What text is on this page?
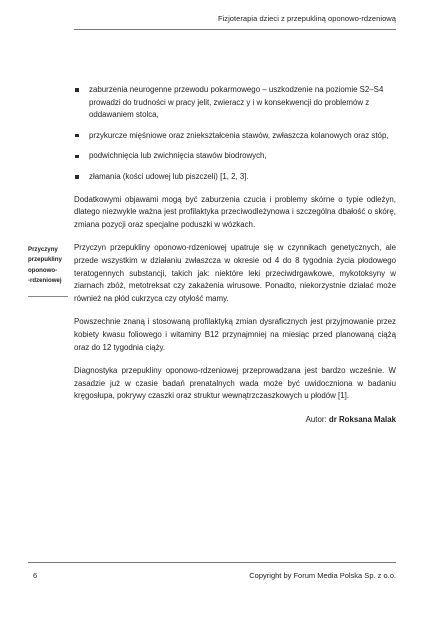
Fizjoterapia dzieci z przepukliną oponowo-rdzeniową
Przyczyny
przepukliny
oponowo-
-rdzeniowej
zaburzenia neurogenne przewodu pokarmowego – uszkodzenie na poziomie S2–S4 prowadzi do trudności w pracy jelit, zwieracz y i w konsekwencji do problemów z oddawaniem stolca,
przykurcze mięśniowe oraz zniekształcenia stawów, zwłaszcza kolanowych oraz stóp,
podwichnięcia lub zwichnięcia stawów biodrowych,
złamania (kości udowej lub piszczeli) [1, 2, 3].

Dodatkowymi objawami mogą być zaburzenia czucia i problemy skórne o typie odleżyn, dlatego niezwykle ważna jest profilaktyka przeciwodleżynowa i szczególna dbałość o skórę, zmiana pozycji oraz specjalne poduszki w wózkach.

Przyczyn przepukliny oponowo-rdzeniowej upatruje się w czynnikach genetycznych, ale przede wszystkim w działaniu zwłaszcza w okresie od 4 do 8 tygodnia życia płodowego teratogennych substancji, takich jak: niektóre leki przeciwdrgawkowe, mykotoksyny w ziarnach zbóż, metotreksat czy zakażenia wirusowe. Ponadto, niekorzystnie działać może również na płód cukrzyca czy otyłość mamy.

Powszechnie znaną i stosowaną profilaktyką zmian dysraficznych jest przyjmowanie przez kobiety kwasu foliowego i witaminy B12 przynajmniej na miesiąc przed planowaną ciążą oraz do 12 tygodnia ciąży.

Diagnostyka przepukliny oponowo-rdzeniowej przeprowadzana jest bardzo wcześnie. W zasadzie już w czasie badań prenatalnych wada może być uwidoczniona w badaniu kręgosłupa, pokrywy czaszki oraz struktur wewnątrzczaszkowych u płodów [1].

Autor: dr Roksana Malak
6	Copyright by Forum Media Polska Sp. z o.o.
